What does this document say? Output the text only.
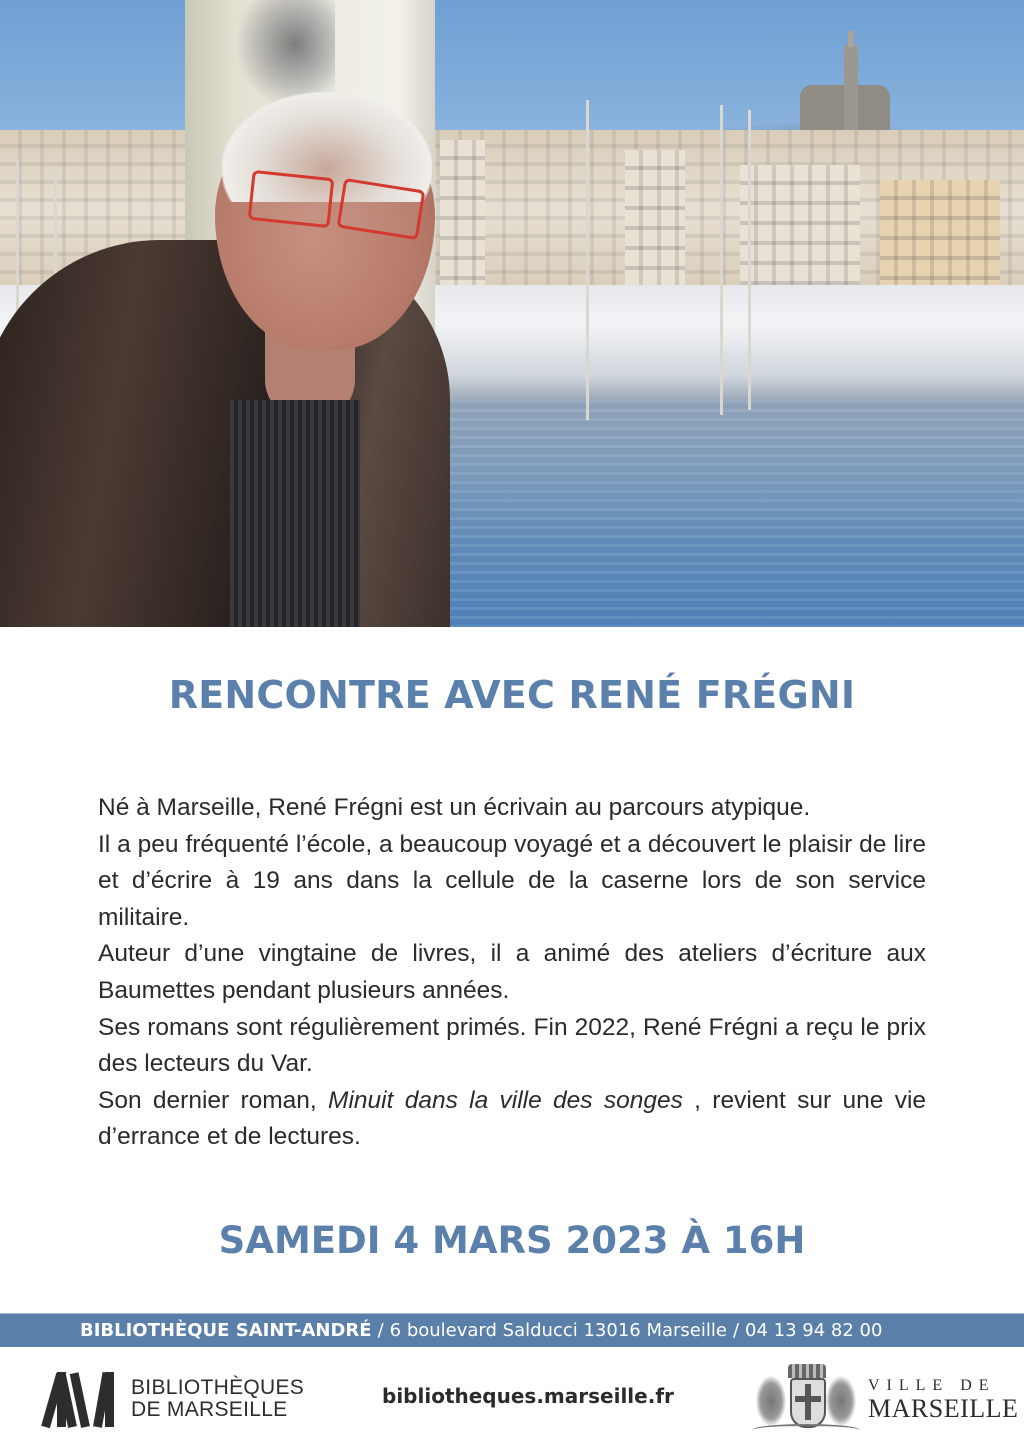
RENCONTRE AVEC RENÉ FRÉGNI

Né à Marseille, René Frégni est un écrivain au parcours atypique.

Il a peu fréquenté l’école, a beaucoup voyagé et a découvert le plaisir de lire et d’écrire à 19 ans dans la cellule de la caserne lors de son service militaire.

Auteur d’une vingtaine de livres, il a animé des ateliers d’écriture aux Baumettes pendant plusieurs années.

Ses romans sont régulièrement primés. Fin 2022, René Frégni a reçu le prix des lecteurs du Var.

Son dernier roman, Minuit dans la ville des songes , revient sur une vie d’errance et de lectures.

SAMEDI 4 MARS 2023 À 16H
BIBLIOTHÈQUE SAINT-ANDRÉ / 6 boulevard Salducci 13016 Marseille / 04 13 94 82 00
BIBLIOTHÈQUES
DE MARSEILLE
bibliotheques.marseille.fr	VILLE DE
MARSEILLE
